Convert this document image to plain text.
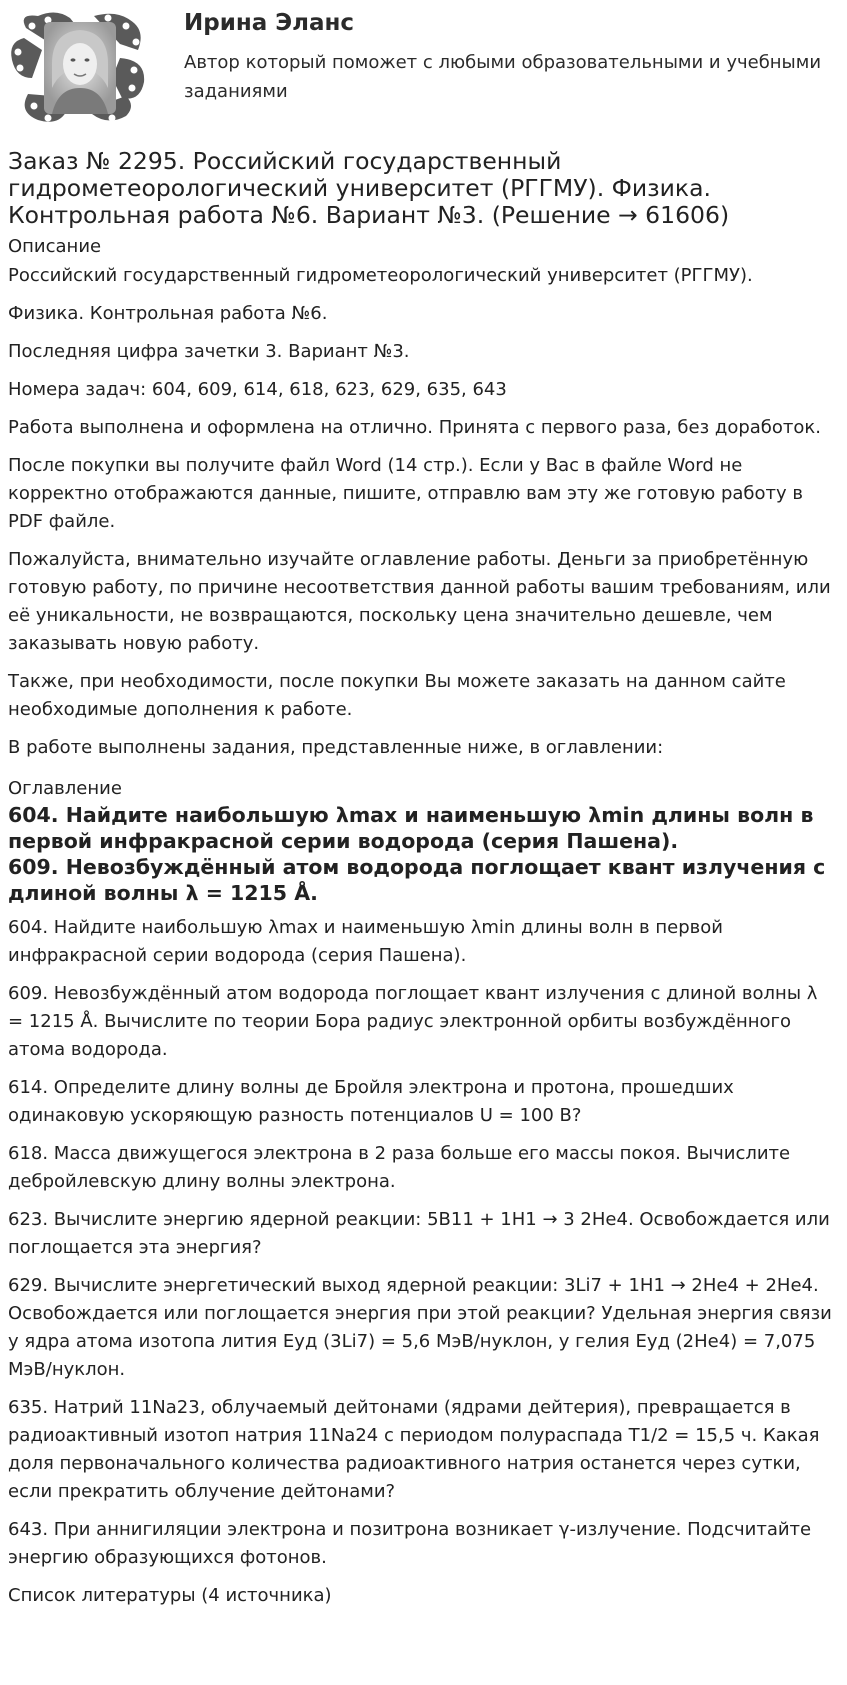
Ирина Эланс
Автор который поможет с любыми образовательными и учебными заданиями
Заказ № 2295. Российский государственный гидрометеорологический университет (РГГМУ). Физика. Контрольная работа №6. Вариант №3. (Решение → 61606)
Описание

Российский государственный гидрометеорологический университет (РГГМУ).

Физика. Контрольная работа №6.

Последняя цифра зачетки 3. Вариант №3.

Номера задач: 604, 609, 614, 618, 623, 629, 635, 643

Работа выполнена и оформлена на отлично. Принята с первого раза, без доработок.

После покупки вы получите файл Word (14 стр.). Если у Вас в файле Word не корректно отображаются данные, пишите, отправлю вам эту же готовую работу в PDF файле.

Пожалуйста, внимательно изучайте оглавление работы. Деньги за приобретённую готовую работу, по причине несоответствия данной работы вашим требованиям, или её уникальности, не возвращаются, поскольку цена значительно дешевле, чем заказывать новую работу.

Также, при необходимости, после покупки Вы можете заказать на данном сайте необходимые дополнения к работе.

В работе выполнены задания, представленные ниже, в оглавлении:

Оглавление
604. Найдите наибольшую λmax и наименьшую λmin длины волн в первой инфракрасной серии водорода (серия Пашена).
609. Невозбуждённый атом водорода поглощает квант излучения с длиной волны λ = 1215 Å.

604. Найдите наибольшую λmax и наименьшую λmin длины волн в первой инфракрасной серии водорода (серия Пашена).

609. Невозбуждённый атом водорода поглощает квант излучения с длиной волны λ = 1215 Å. Вычислите по теории Бора радиус электронной орбиты возбуждённого атома водорода.

614. Определите длину волны де Бройля электрона и протона, прошедших одинаковую ускоряющую разность потенциалов U = 100 В?

618. Масса движущегося электрона в 2 раза больше его массы покоя. Вычислите дебройлевскую длину волны электрона.

623. Вычислите энергию ядерной реакции: 5B11 + 1H1 → 3 2He4. Освобождается или поглощается эта энергия?

629. Вычислите энергетический выход ядерной реакции: 3Li7 + 1H1 → 2He4 + 2He4. Освобождается или поглощается энергия при этой реакции? Удельная энергия связи у ядра атома изотопа лития Еуд (3Li7) = 5,6 МэВ/нуклон, у гелия Еуд (2He4) = 7,075 МэВ/нуклон.

635. Натрий 11Na23, облучаемый дейтонами (ядрами дейтерия), превращается в радиоактивный изотоп натрия 11Na24 с периодом полураспада Т1/2 = 15,5 ч. Какая доля первоначального количества радиоактивного натрия останется через сутки, если прекратить облучение дейтонами?

643. При аннигиляции электрона и позитрона возникает γ-излучение. Подсчитайте энергию образующихся фотонов.

Список литературы (4 источника)
